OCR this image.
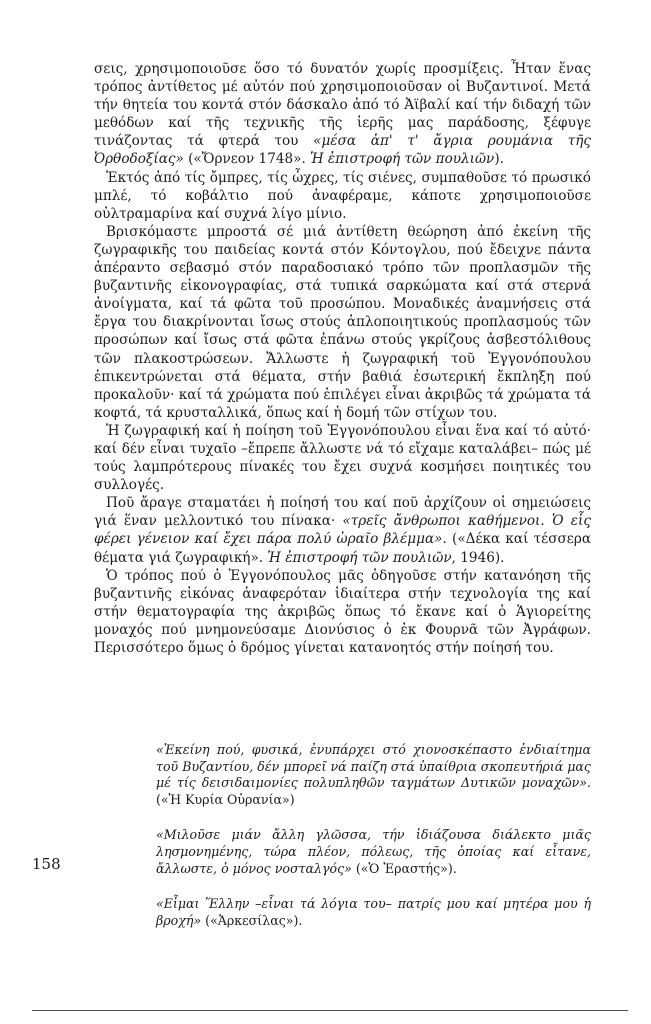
σεις, χρησιμοποιοῦσε ὅσο τό δυνατόν χωρίς προσμίξεις. Ἦταν ἕνας τρόπος ἀντίθετος μέ αὐτόν πού χρησιμοποιοῦσαν οἱ Βυζαντινοί. Μετά τήν θητεία του κοντά στόν δάσκαλο ἀπό τό Ἀϊβαλί καί τήν διδαχή τῶν μεθόδων καί τῆς τεχνικῆς τῆς ἱερῆς μας παράδοσης, ξέφυγε τινάζοντας τά φτερά του «μέσα ἀπ' τ' ἄγρια ρουμάνια τῆς Ὀρθοδοξίας» («Ὄρνεον 1748». Ἡ ἐπιστροφή τῶν πουλιῶν).

Ἐκτός ἀπό τίς ὄμπρες, τίς ὦχρες, τίς σιένες, συμπαθοῦσε τό πρωσικό μπλέ, τό κοβάλτιο πού ἀναφέραμε, κάποτε χρησιμοποιοῦσε οὐλτραμαρίνα καί συχνά λίγο μίνιο.

Βρισκόμαστε μπροστά σέ μιά ἀντίθετη θεώρηση ἀπό ἐκείνη τῆς ζωγραφικῆς του παιδείας κοντά στόν Κόντογλου, πού ἔδειχνε πάντα ἀπέραντο σεβασμό στόν παραδοσιακό τρόπο τῶν προπλασμῶν τῆς βυζαντινῆς εἰκονογραφίας, στά τυπικά σαρκώματα καί στά στερνά ἀνοίγματα, καί τά φῶτα τοῦ προσώπου. Μοναδικές ἀναμνήσεις στά ἔργα του διακρίνονται ἴσως στούς ἁπλοποιητικούς προπλασμούς τῶν προσώπων καί ἴσως στά φῶτα ἐπάνω στούς γκρίζους ἀσβεστόλιθους τῶν πλακοστρώσεων. Ἄλλωστε ἡ ζωγραφική τοῦ Ἐγγονόπουλου ἐπικεντρώνεται στά θέματα, στήν βαθιά ἐσωτερική ἔκπληξη πού προκαλοῦν· καί τά χρώματα πού ἐπιλέγει εἶναι ἀκριβῶς τά χρώματα τά κοφτά, τά κρυσταλλικά, ὅπως καί ἡ δομή τῶν στίχων του.

Ἡ ζωγραφική καί ἡ ποίηση τοῦ Ἐγγονόπουλου εἶναι ἕνα καί τό αὐτό· καί δέν εἶναι τυχαῖο –ἔπρεπε ἄλλωστε νά τό εἴχαμε καταλάβει– πώς μέ τούς λαμπρότερους πίνακές του ἔχει συχνά κοσμήσει ποιητικές του συλλογές.

Ποῦ ἄραγε σταματάει ἡ ποίησή του καί ποῦ ἀρχίζουν οἱ σημειώσεις γιά ἕναν μελλοντικό του πίνακα· «τρεῖς ἄνθρωποι καθήμενοι. Ὁ εἷς φέρει γένειον καί ἔχει πάρα πολύ ὡραῖο βλέμμα». («Δέκα καί τέσσερα θέματα γιά ζωγραφική». Ἡ ἐπιστροφή τῶν πουλιῶν, 1946).

Ὁ τρόπος πού ὁ Ἐγγονόπουλος μᾶς ὁδηγοῦσε στήν κατανόηση τῆς βυζαντινῆς εἰκόνας ἀναφερόταν ἰδιαίτερα στήν τεχνολογία της καί στήν θεματογραφία της ἀκριβῶς ὅπως τό ἔκανε καί ὁ Ἁγιορείτης μοναχός πού μνημονεύσαμε Διονύσιος ὁ ἐκ Φουρνᾶ τῶν Ἀγράφων. Περισσότερο ὅμως ὁ δρόμος γίνεται κατανοητός στήν ποίησή του.

«Ἐκείνη πού, φυσικά, ἐνυπάρχει στό χιονοσκέπαστο ἐνδιαίτημα τοῦ Βυζαντίου, δέν μπορεῖ νά παίζη στά ὑπαίθρια σκοπευτήριά μας μέ τίς δεισιδαιμονίες πολυπληθῶν ταγμάτων Δυτικῶν μοναχῶν». («Ἡ Κυρία Οὐρανία»)

«Μιλοῦσε μιάν ἄλλη γλῶσσα, τήν ἰδιάζουσα διάλεκτο μιᾶς λησμονημένης, τώρα πλέον, πόλεως, τῆς ὁποίας καί εἶτανε, ἄλλωστε, ὁ μόνος νοσταλγός» («Ὁ Ἐραστής»).

«Εἶμαι Ἕλλην –εἶναι τά λόγια του– πατρίς μου καί μητέρα μου ἡ βροχή» («Ἀρκεσίλας»).

158
